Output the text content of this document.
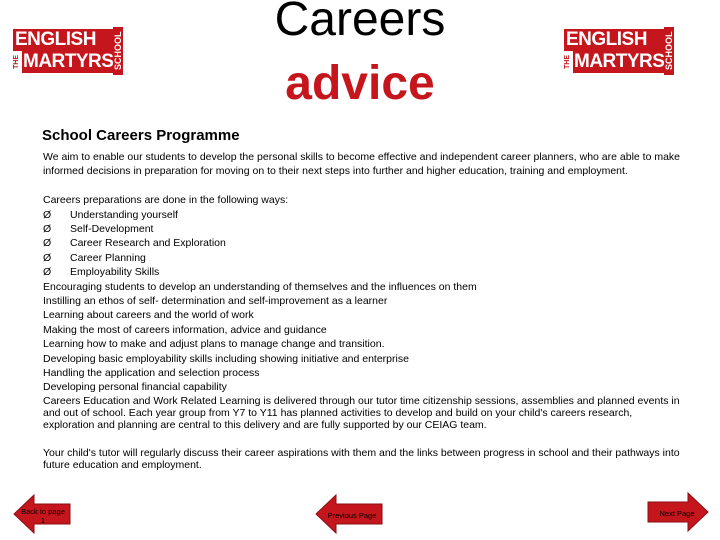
ENGLISH
THE MARTYRS SCHOOL	ENGLISH
THE MARTYRS SCHOOL
Careers
advice
School Careers Programme

We aim to enable our students to develop the personal skills to become effective and independent career planners, who are able to make informed decisions in preparation for moving on to their next steps into further and higher education, training and employment.

Careers preparations are done in the following ways:

Ø	Understanding yourself
Ø	Self-Development
Ø	Career Research and Exploration
Ø	Career Planning
Ø	Employability Skills

Encouraging students to develop an understanding of themselves and the influences on them

Instilling an ethos of self- determination and self-improvement as a learner

Learning about careers and the world of work

Making the most of careers information, advice and guidance

Learning how to make and adjust plans to manage change and transition.

Developing basic employability skills including showing initiative and enterprise

Handling the application and selection process

Developing personal financial capability

Careers Education and Work Related Learning is delivered through our tutor time citizenship sessions, assemblies and planned events in and out of school. Each year group from Y7 to Y11 has planned activities to develop and build on your child's careers research, exploration and planning are central to this delivery and are fully supported by our CEIAG team.

Your child's tutor will regularly discuss their career aspirations with them and the links between progress in school and their pathways into future education and employment.

Back to page
1
Previous Page	Next Page
